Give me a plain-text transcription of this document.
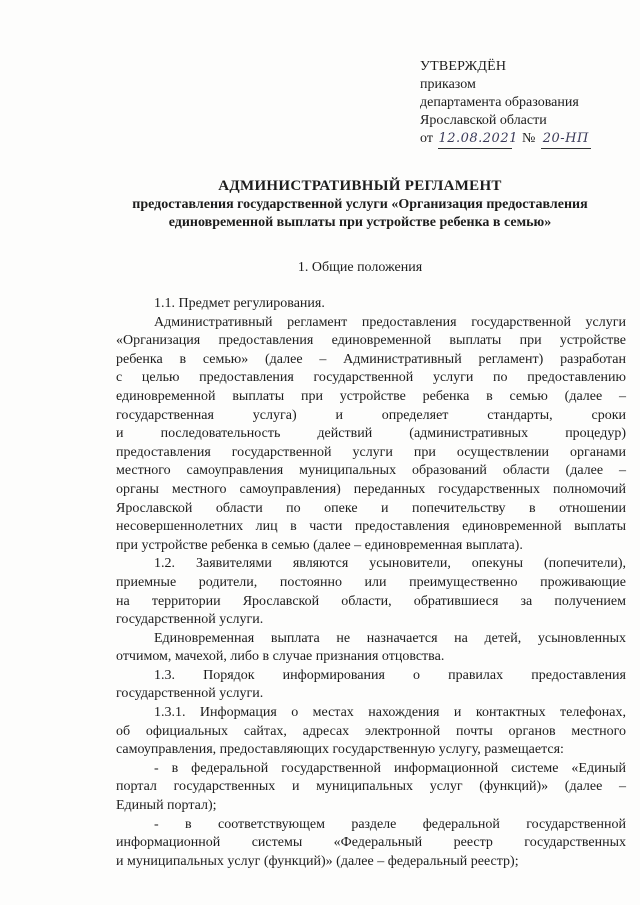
УТВЕРЖДЁН
приказом
департамента образования
Ярославской области
от 12.08.2021 № 20-НП
АДМИНИСТРАТИВНЫЙ РЕГЛАМЕНТ
предоставления государственной услуги «Организация предоставления
единовременной выплаты при устройстве ребенка в семью»
1. Общие положения
1.1. Предмет регулирования.
Административный регламент предоставления государственной услуги
«Организация предоставления единовременной выплаты при устройстве
ребенка в семью» (далее – Административный регламент) разработан
с целью предоставления государственной услуги по предоставлению
единовременной выплаты при устройстве ребенка в семью (далее –
государственная услуга) и определяет стандарты, сроки
и последовательность действий (административных процедур)
предоставления государственной услуги при осуществлении органами
местного самоуправления муниципальных образований области (далее –
органы местного самоуправления) переданных государственных полномочий
Ярославской области по опеке и попечительству в отношении
несовершеннолетних лиц в части предоставления единовременной выплаты
при устройстве ребенка в семью (далее – единовременная выплата).
1.2. Заявителями являются усыновители, опекуны (попечители),
приемные родители, постоянно или преимущественно проживающие
на территории Ярославской области, обратившиеся за получением
государственной услуги.
Единовременная выплата не назначается на детей, усыновленных
отчимом, мачехой, либо в случае признания отцовства.
1.3. Порядок информирования о правилах предоставления
государственной услуги.
1.3.1. Информация о местах нахождения и контактных телефонах,
об официальных сайтах, адресах электронной почты органов местного
самоуправления, предоставляющих государственную услугу, размещается:
- в федеральной государственной информационной системе «Единый
портал государственных и муниципальных услуг (функций)» (далее –
Единый портал);
- в соответствующем разделе федеральной государственной
информационной системы «Федеральный реестр государственных
и муниципальных услуг (функций)» (далее – федеральный реестр);
